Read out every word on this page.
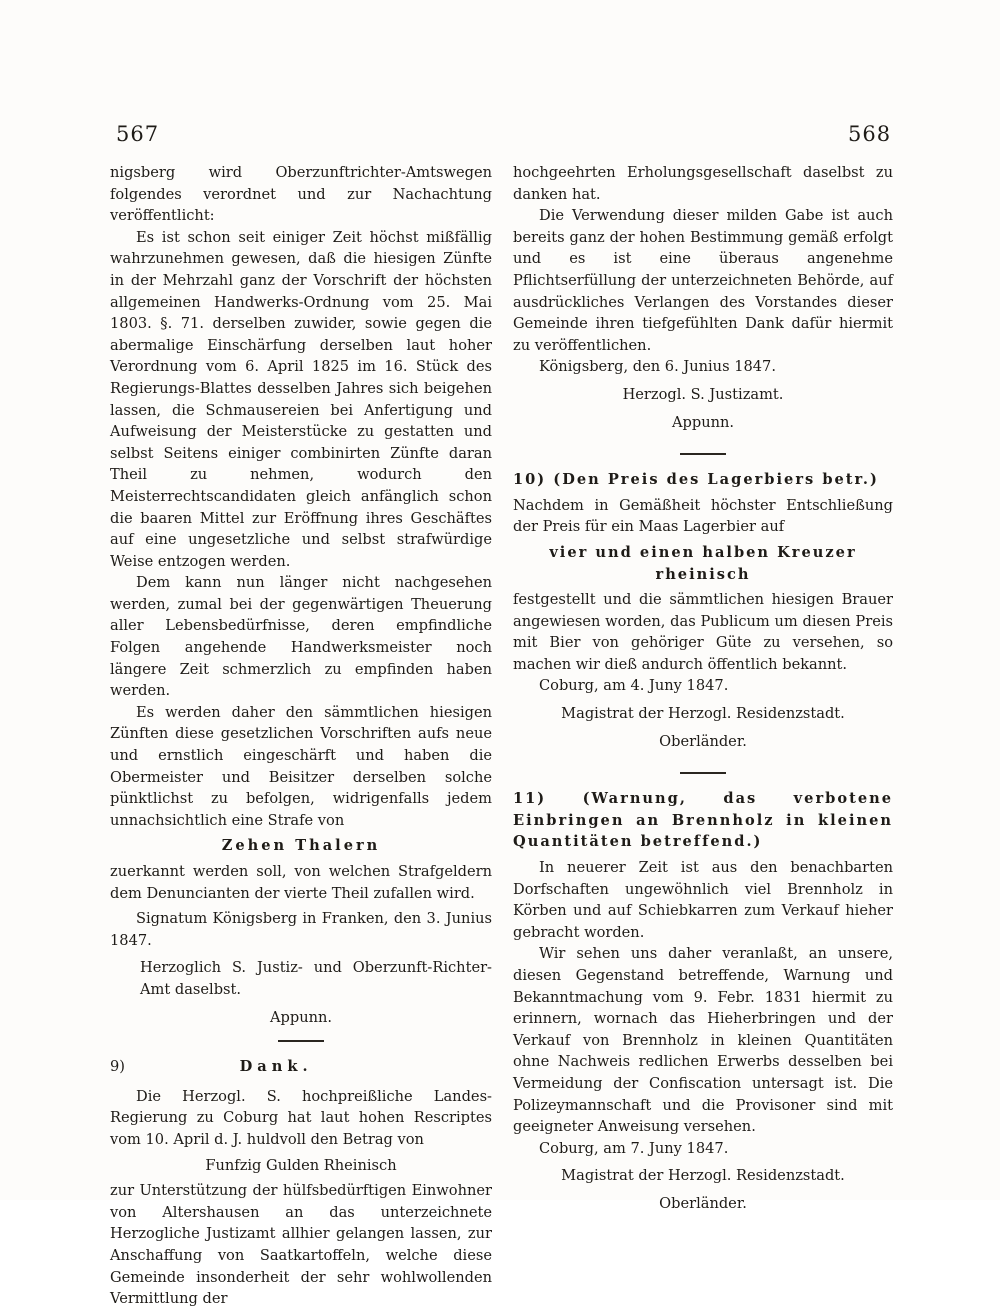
567	568

nigsberg wird Oberzunftrichter-Amtswegen folgendes verordnet und zur Nachachtung veröffentlicht:

Es ist schon seit einiger Zeit höchst mißfällig wahrzunehmen gewesen, daß die hiesigen Zünfte in der Mehrzahl ganz der Vorschrift der höchsten allgemeinen Handwerks-Ordnung vom 25. Mai 1803. §. 71. derselben zuwider, sowie gegen die abermalige Einschärfung derselben laut hoher Verordnung vom 6. April 1825 im 16. Stück des Regierungs-Blattes desselben Jahres sich beigehen lassen, die Schmausereien bei Anfertigung und Aufweisung der Meisterstücke zu gestatten und selbst Seitens einiger combinirten Zünfte daran Theil zu nehmen, wodurch den Meisterrechtscandidaten gleich anfänglich schon die baaren Mittel zur Eröffnung ihres Geschäftes auf eine ungesetzliche und selbst strafwürdige Weise entzogen werden.

Dem kann nun länger nicht nachgesehen werden, zumal bei der gegenwärtigen Theuerung aller Lebensbedürfnisse, deren empfindliche Folgen angehende Handwerksmeister noch längere Zeit schmerzlich zu empfinden haben werden.

Es werden daher den sämmtlichen hiesigen Zünften diese gesetzlichen Vorschriften aufs neue und ernstlich eingeschärft und haben die Obermeister und Beisitzer derselben solche pünktlichst zu befolgen, widrigenfalls jedem unnachsichtlich eine Strafe von

Zehen Thalern

zuerkannt werden soll, von welchen Strafgeldern dem Denuncianten der vierte Theil zufallen wird.

Signatum Königsberg in Franken, den 3. Junius 1847.

Herzoglich S. Justiz- und Oberzunft-Richter-Amt daselbst.

Appunn.
9)	Dank.

Die Herzogl. S. hochpreißliche Landes-Regierung zu Coburg hat laut hohen Rescriptes vom 10. April d. J. huldvoll den Betrag von

Funfzig Gulden Rheinisch

zur Unterstützung der hülfsbedürftigen Einwohner von Altershausen an das unterzeichnete Herzogliche Justizamt allhier gelangen lassen, zur Anschaffung von Saatkartoffeln, welche diese Gemeinde insonderheit der sehr wohlwollenden Vermittlung der

hochgeehrten Erholungsgesellschaft daselbst zu danken hat.

Die Verwendung dieser milden Gabe ist auch bereits ganz der hohen Bestimmung gemäß erfolgt und es ist eine überaus angenehme Pflichtserfüllung der unterzeichneten Behörde, auf ausdrückliches Verlangen des Vorstandes dieser Gemeinde ihren tiefgefühlten Dank dafür hiermit zu veröffentlichen.

Königsberg, den 6. Junius 1847.

Herzogl. S. Justizamt.
Appunn.
10) (Den Preis des Lagerbiers betr.)

Nachdem in Gemäßheit höchster Entschließung der Preis für ein Maas Lagerbier auf

vier und einen halben Kreuzer rheinisch

festgestellt und die sämmtlichen hiesigen Brauer angewiesen worden, das Publicum um diesen Preis mit Bier von gehöriger Güte zu versehen, so machen wir dieß andurch öffentlich bekannt.

Coburg, am 4. Juny 1847.

Magistrat der Herzogl. Residenzstadt.
Oberländer.
11) (Warnung, das verbotene Einbringen an Brennholz in kleinen Quantitäten betreffend.)

In neuerer Zeit ist aus den benachbarten Dorfschaften ungewöhnlich viel Brennholz in Körben und auf Schiebkarren zum Verkauf hieher gebracht worden.

Wir sehen uns daher veranlaßt, an unsere, diesen Gegenstand betreffende, Warnung und Bekanntmachung vom 9. Febr. 1831 hiermit zu erinnern, wornach das Hieherbringen und der Verkauf von Brennholz in kleinen Quantitäten ohne Nachweis redlichen Erwerbs desselben bei Vermeidung der Confiscation untersagt ist. Die Polizeymannschaft und die Provisoner sind mit geeigneter Anweisung versehen.

Coburg, am 7. Juny 1847.

Magistrat der Herzogl. Residenzstadt.
Oberländer.
